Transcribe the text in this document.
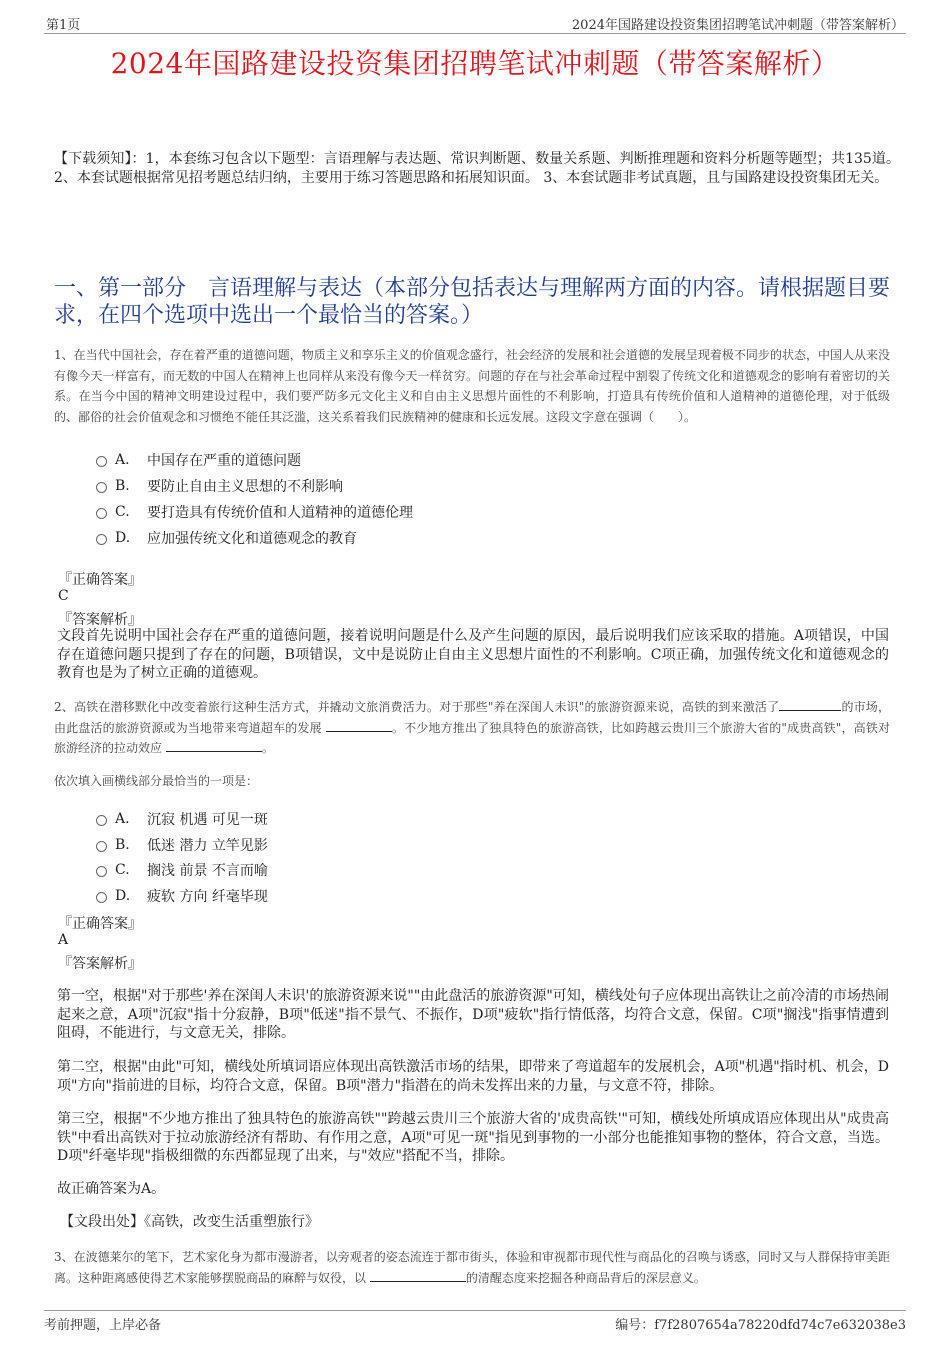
第1页	2024年国路建设投资集团招聘笔试冲刺题（带答案解析）
2024年国路建设投资集团招聘笔试冲刺题（带答案解析）
【下载须知】：1，本套练习包含以下题型：言语理解与表达题、常识判断题、数量关系题、判断推理题和资料分析题等题型；共135道。 2、本套试题根据常见招考题总结归纳，主要用于练习答题思路和拓展知识面。 3、本套试题非考试真题，且与国路建设投资集团无关。
一、第一部分　言语理解与表达（本部分包括表达与理解两方面的内容。请根据题目要求，在四个选项中选出一个最恰当的答案。）
1、在当代中国社会，存在着严重的道德问题，物质主义和享乐主义的价值观念盛行，社会经济的发展和社会道德的发展呈现着极不同步的状态，中国人从来没有像今天一样富有，而无数的中国人在精神上也同样从来没有像今天一样贫穷。问题的存在与社会革命过程中割裂了传统文化和道德观念的影响有着密切的关系。在当今中国的精神文明建设过程中，我们要严防多元文化主义和自由主义思想片面性的不利影响，打造具有传统价值和人道精神的道德伦理，对于低级的、鄙俗的社会价值观念和习惯绝不能任其泛滥，这关系着我们民族精神的健康和长远发展。这段文字意在强调（　　）。
A.	中国存在严重的道德问题
B.	要防止自由主义思想的不利影响
C.	要打造具有传统价值和人道精神的道德伦理
D.	应加强传统文化和道德观念的教育
『正确答案』
C
『答案解析』
文段首先说明中国社会存在严重的道德问题，接着说明问题是什么及产生问题的原因，最后说明我们应该采取的措施。A项错误，中国存在道德问题只提到了存在的问题，B项错误，文中是说防止自由主义思想片面性的不利影响。C项正确，加强传统文化和道德观念的教育也是为了树立正确的道德观。
2、高铁在潜移默化中改变着旅行这种生活方式，并撬动文旅消费活力。对于那些"养在深闺人未识"的旅游资源来说，高铁的到来激活了	的市场，由此盘活的旅游资源或为当地带来弯道超车的发展	。不少地方推出了独具特色的旅游高铁，比如跨越云贵川三个旅游大省的"成贵高铁"，高铁对旅游经济的拉动效应	。
依次填入画横线部分最恰当的一项是：
A.	沉寂 机遇 可见一斑
B.	低迷 潜力 立竿见影
C.	搁浅 前景 不言而喻
D.	疲软 方向 纤毫毕现
『正确答案』
A
『答案解析』
第一空，根据"对于那些'养在深闺人未识'的旅游资源来说""由此盘活的旅游资源"可知，横线处句子应体现出高铁让之前冷清的市场热闹起来之意，A项"沉寂"指十分寂静，B项"低迷"指不景气、不振作，D项"疲软"指行情低落，均符合文意，保留。C项"搁浅"指事情遭到阻碍，不能进行，与文意无关，排除。
第二空，根据"由此"可知，横线处所填词语应体现出高铁激活市场的结果，即带来了弯道超车的发展机会，A项"机遇"指时机、机会，D项"方向"指前进的目标，均符合文意，保留。B项"潜力"指潜在的尚未发挥出来的力量，与文意不符，排除。
第三空，根据"不少地方推出了独具特色的旅游高铁""跨越云贵川三个旅游大省的'成贵高铁'"可知，横线处所填成语应体现出从"成贵高铁"中看出高铁对于拉动旅游经济有帮助、有作用之意，A项"可见一斑"指见到事物的一小部分也能推知事物的整体，符合文意，当选。D项"纤毫毕现"指极细微的东西都显现了出来，与"效应"搭配不当，排除。
故正确答案为A。
【文段出处】《高铁，改变生活重塑旅行》
3、在波德莱尔的笔下，艺术家化身为都市漫游者，以旁观者的姿态流连于都市街头，体验和审视都市现代性与商品化的召唤与诱惑，同时又与人群保持审美距离。这种距离感使得艺术家能够摆脱商品的麻醉与奴役，以	的清醒态度来挖掘各种商品背后的深层意义。
考前押题，上岸必备	编号：f7f2807654a78220dfd74c7e632038e3
